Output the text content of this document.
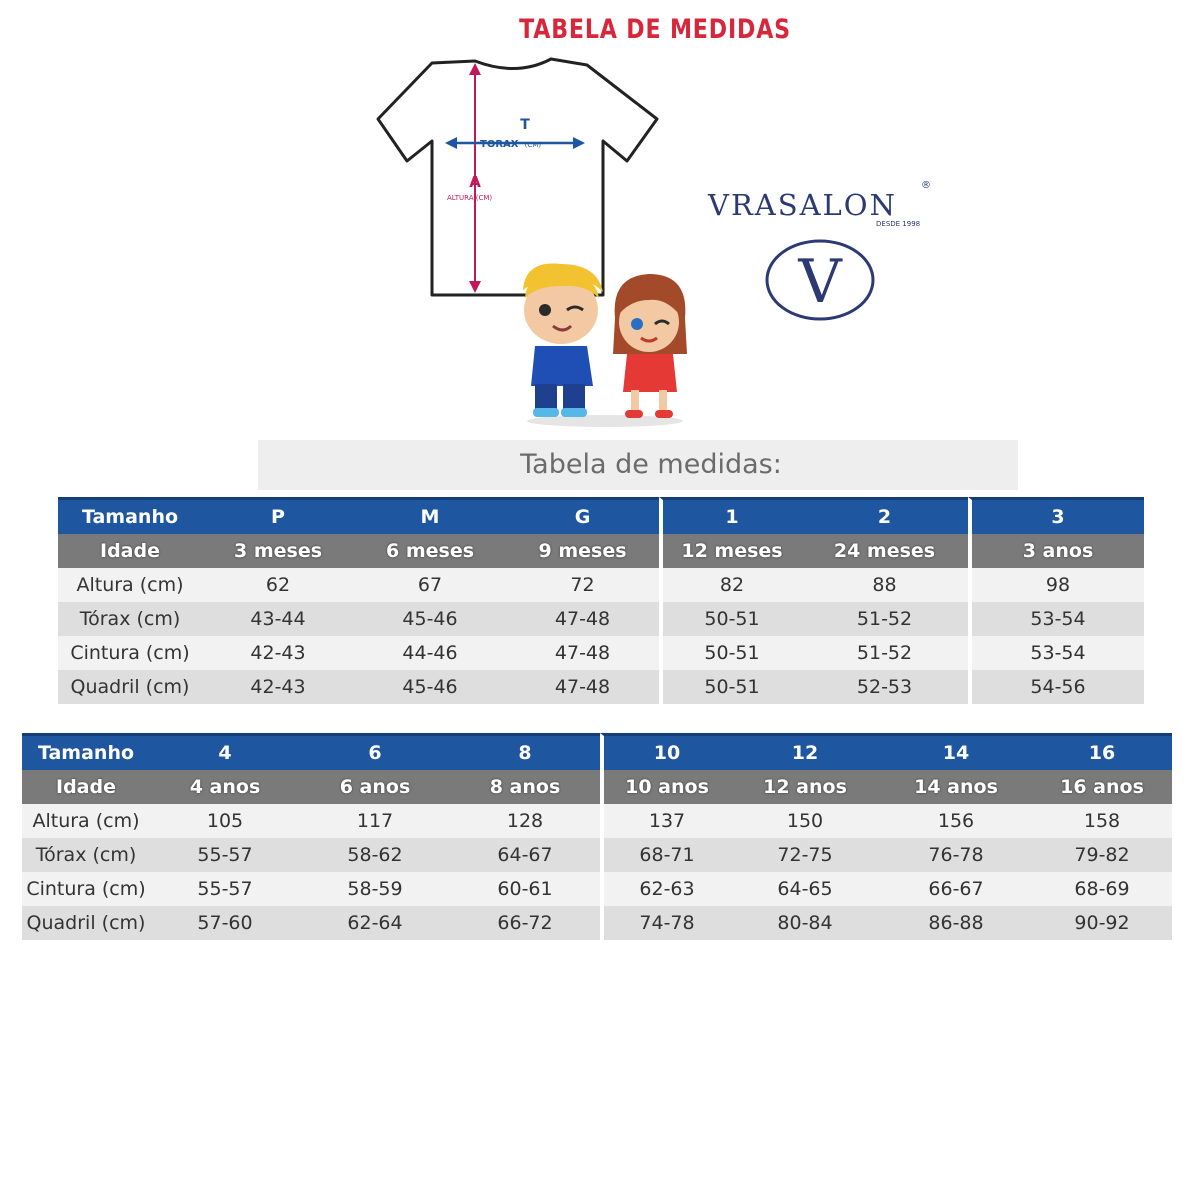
TABELA DE MEDIDAS
T
TORAX (CM)
A
ALTURA (CM)	VRASALON
®
DESDE 1998
V
Tabela de medidas:
Tamanho	P	M	G	1	2	3
Idade	3 meses	6 meses	9 meses	12 meses	24 meses	3 anos
Altura (cm)	62	67	72	82	88	98
Tórax (cm)	43-44	45-46	47-48	50-51	51-52	53-54
Cintura (cm)	42-43	44-46	47-48	50-51	51-52	53-54
Quadril (cm)	42-43	45-46	47-48	50-51	52-53	54-56
Tamanho	4	6	8	10	12	14	16
Idade	4 anos	6 anos	8 anos	10 anos	12 anos	14 anos	16 anos
Altura (cm)	105	117	128	137	150	156	158
Tórax (cm)	55-57	58-62	64-67	68-71	72-75	76-78	79-82
Cintura (cm)	55-57	58-59	60-61	62-63	64-65	66-67	68-69
Quadril (cm)	57-60	62-64	66-72	74-78	80-84	86-88	90-92
